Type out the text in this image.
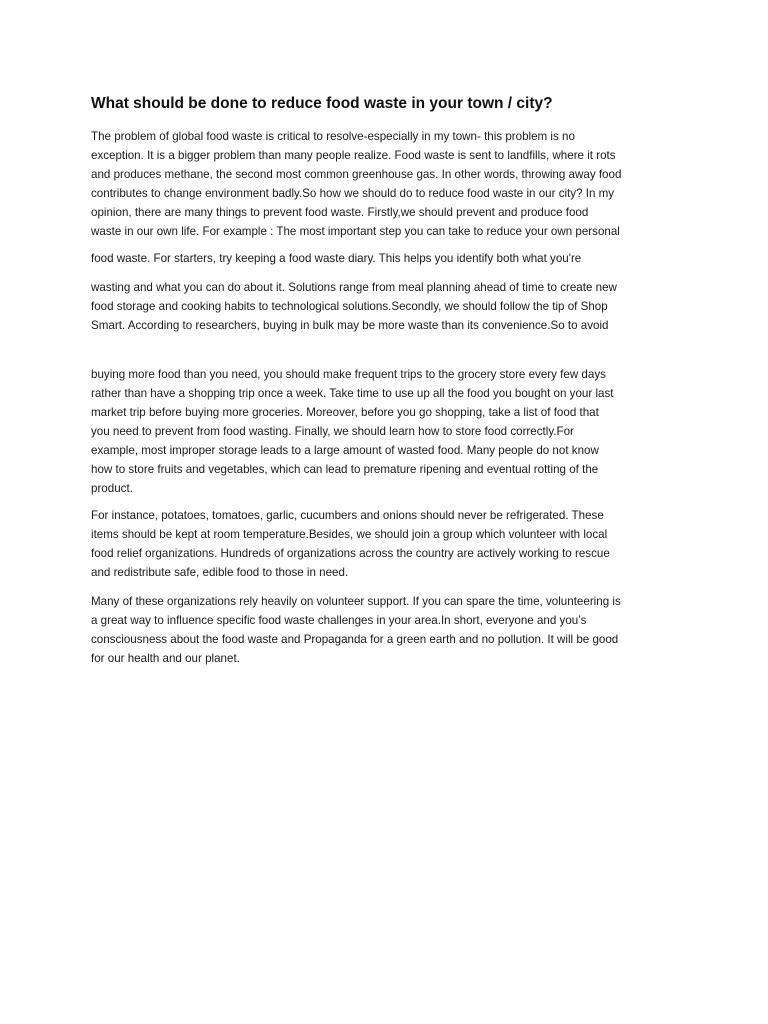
What should be done to reduce food waste in your town / city?
The problem of global food waste is critical to resolve-especially in my town- this problem is no
exception. It is a bigger problem than many people realize. Food waste is sent to landfills, where it rots
and produces methane, the second most common greenhouse gas. In other words, throwing away food
contributes to change environment badly.So how we should do to reduce food waste in our city? In my
opinion, there are many things to prevent food waste. Firstly,we should prevent and produce food
waste in our own life. For example : The most important step you can take to reduce your own personal
food waste. For starters, try keeping a food waste diary. This helps you identify both what you're
wasting and what you can do about it. Solutions range from meal planning ahead of time to create new
food storage and cooking habits to technological solutions.Secondly, we should follow the tip of Shop
Smart. According to researchers, buying in bulk may be more waste than its convenience.So to avoid
buying more food than you need, you should make frequent trips to the grocery store every few days
rather than have a shopping trip once a week. Take time to use up all the food you bought on your last
market trip before buying more groceries. Moreover, before you go shopping, take a list of food that
you need to prevent from food wasting. Finally, we should learn how to store food correctly.For
example, most improper storage leads to a large amount of wasted food. Many people do not know
how to store fruits and vegetables, which can lead to premature ripening and eventual rotting of the
product.
For instance, potatoes, tomatoes, garlic, cucumbers and onions should never be refrigerated. These
items should be kept at room temperature.Besides, we should join a group which volunteer with local
food relief organizations. Hundreds of organizations across the country are actively working to rescue
and redistribute safe, edible food to those in need.
Many of these organizations rely heavily on volunteer support. If you can spare the time, volunteering is
a great way to influence specific food waste challenges in your area.In short, everyone and you’s
consciousness about the food waste and Propaganda for a green earth and no pollution. It will be good
for our health and our planet.
